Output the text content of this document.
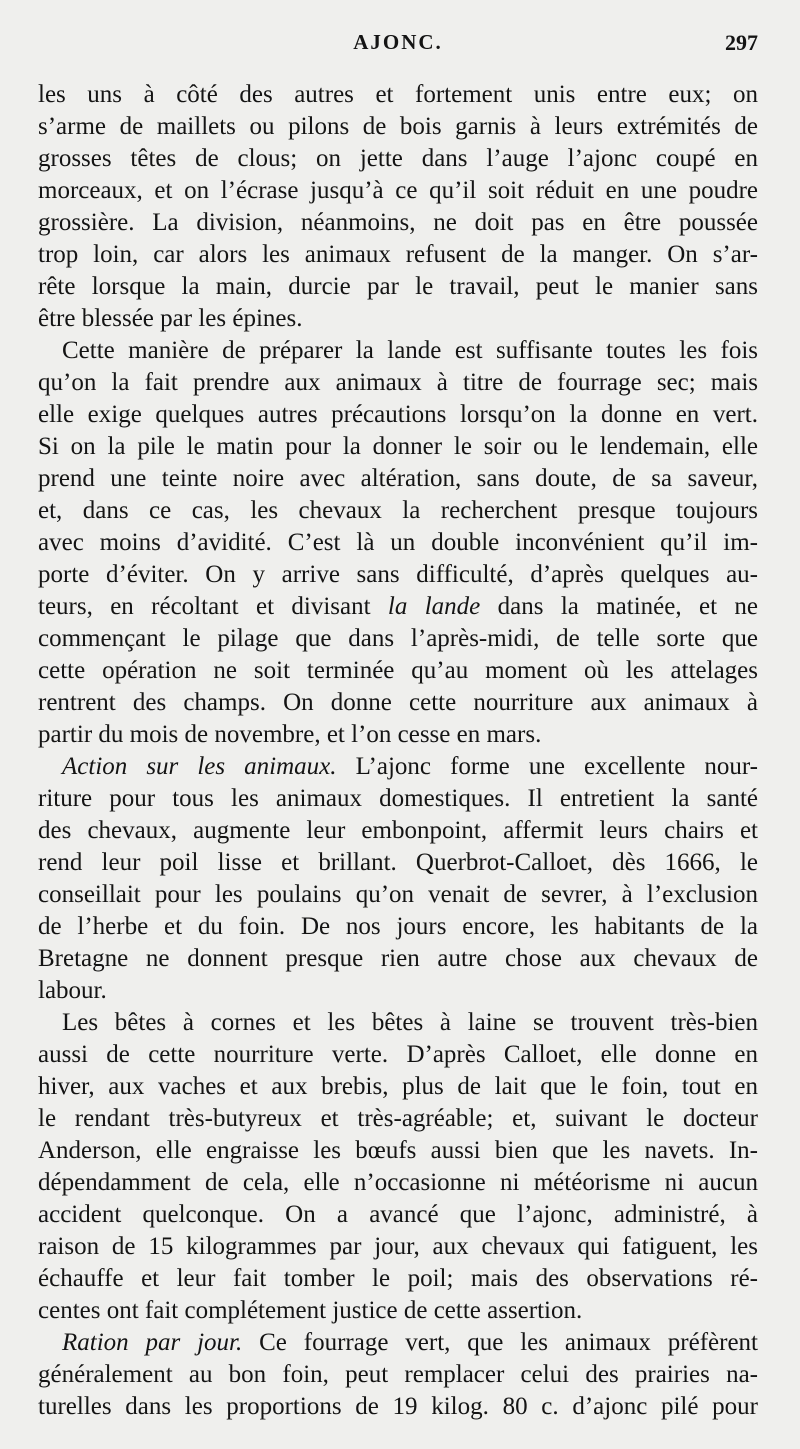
AJONC.	297
les uns à côté des autres et fortement unis entre eux; on
s’arme de maillets ou pilons de bois garnis à leurs extrémités de
grosses têtes de clous; on jette dans l’auge l’ajonc coupé en
morceaux, et on l’écrase jusqu’à ce qu’il soit réduit en une poudre
grossière. La division, néanmoins, ne doit pas en être poussée
trop loin, car alors les animaux refusent de la manger. On s’ar-
rête lorsque la main, durcie par le travail, peut le manier sans
être blessée par les épines.
Cette manière de préparer la lande est suffisante toutes les fois
qu’on la fait prendre aux animaux à titre de fourrage sec; mais
elle exige quelques autres précautions lorsqu’on la donne en vert.
Si on la pile le matin pour la donner le soir ou le lendemain, elle
prend une teinte noire avec altération, sans doute, de sa saveur,
et, dans ce cas, les chevaux la recherchent presque toujours
avec moins d’avidité. C’est là un double inconvénient qu’il im-
porte d’éviter. On y arrive sans difficulté, d’après quelques au-
teurs, en récoltant et divisant la lande dans la matinée, et ne
commençant le pilage que dans l’après-midi, de telle sorte que
cette opération ne soit terminée qu’au moment où les attelages
rentrent des champs. On donne cette nourriture aux animaux à
partir du mois de novembre, et l’on cesse en mars.
Action sur les animaux. L’ajonc forme une excellente nour-
riture pour tous les animaux domestiques. Il entretient la santé
des chevaux, augmente leur embonpoint, affermit leurs chairs et
rend leur poil lisse et brillant. Querbrot-Calloet, dès 1666, le
conseillait pour les poulains qu’on venait de sevrer, à l’exclusion
de l’herbe et du foin. De nos jours encore, les habitants de la
Bretagne ne donnent presque rien autre chose aux chevaux de
labour.
Les bêtes à cornes et les bêtes à laine se trouvent très-bien
aussi de cette nourriture verte. D’après Calloet, elle donne en
hiver, aux vaches et aux brebis, plus de lait que le foin, tout en
le rendant très-butyreux et très-agréable; et, suivant le docteur
Anderson, elle engraisse les bœufs aussi bien que les navets. In-
dépendamment de cela, elle n’occasionne ni météorisme ni aucun
accident quelconque. On a avancé que l’ajonc, administré, à
raison de 15 kilogrammes par jour, aux chevaux qui fatiguent, les
échauffe et leur fait tomber le poil; mais des observations ré-
centes ont fait complétement justice de cette assertion.
Ration par jour. Ce fourrage vert, que les animaux préfèrent
généralement au bon foin, peut remplacer celui des prairies na-
turelles dans les proportions de 19 kilog. 80 c. d’ajonc pilé pour
